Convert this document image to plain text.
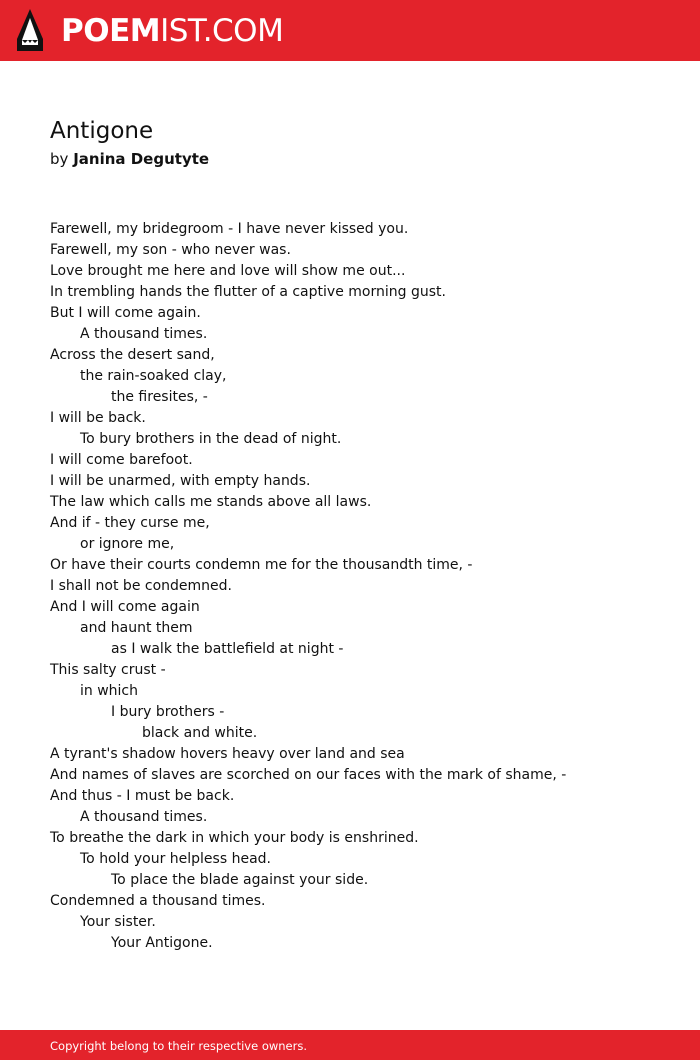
POEMIST.COM
Antigone
by Janina Degutyte
Farewell, my bridegroom - I have never kissed you.
Farewell, my son - who never was.
Love brought me here and love will show me out...
In trembling hands the flutter of a captive morning gust.
But I will come again.
A thousand times.
Across the desert sand,
the rain-soaked clay,
the firesites, -
I will be back.
To bury brothers in the dead of night.
I will come barefoot.
I will be unarmed, with empty hands.
The law which calls me stands above all laws.
And if - they curse me,
or ignore me,
Or have their courts condemn me for the thousandth time, -
I shall not be condemned.
And I will come again
and haunt them
as I walk the battlefield at night -
This salty crust -
in which
I bury brothers -
black and white.
A tyrant's shadow hovers heavy over land and sea
And names of slaves are scorched on our faces with the mark of shame, -
And thus - I must be back.
A thousand times.
To breathe the dark in which your body is enshrined.
To hold your helpless head.
To place the blade against your side.
Condemned a thousand times.
Your sister.
Your Antigone.
Copyright belong to their respective owners.
